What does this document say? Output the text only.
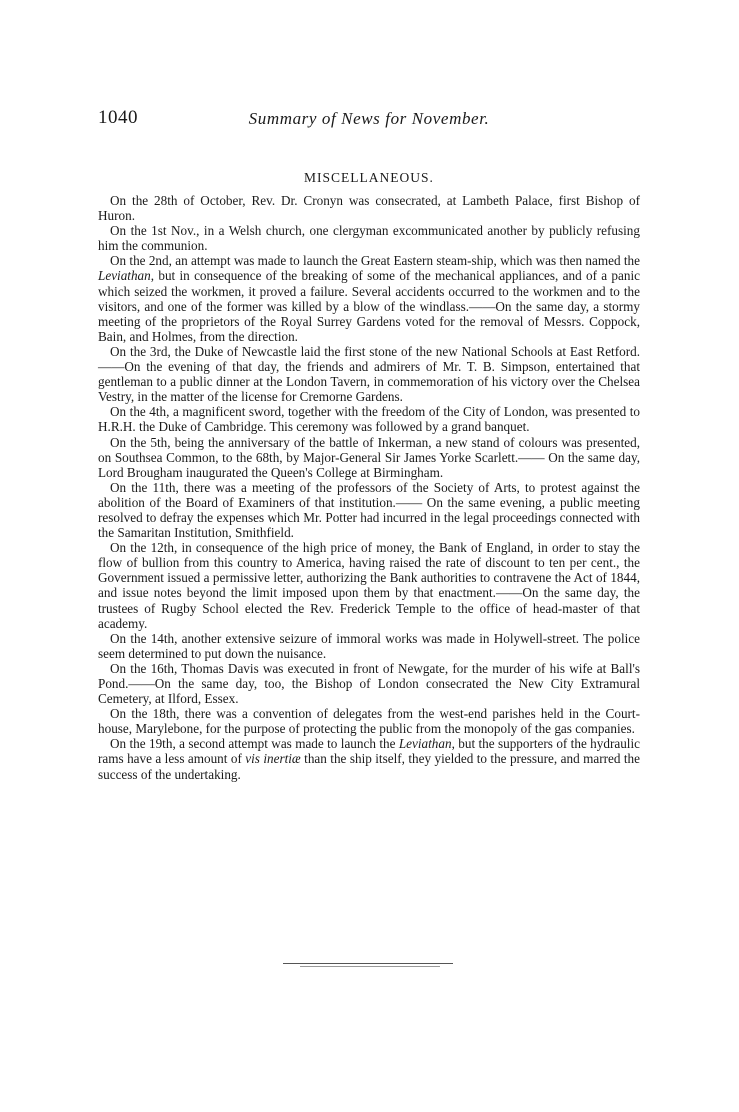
1040	Summary of News for November.
MISCELLANEOUS.

On the 28th of October, Rev. Dr. Cronyn was consecrated, at Lambeth Palace, first Bishop of Huron.

On the 1st Nov., in a Welsh church, one clergyman excommunicated another by publicly refusing him the communion.

On the 2nd, an attempt was made to launch the Great Eastern steam-ship, which was then named the Leviathan, but in consequence of the breaking of some of the mechanical appliances, and of a panic which seized the workmen, it proved a failure. Several accidents occurred to the workmen and to the visitors, and one of the former was killed by a blow of the windlass.——On the same day, a stormy meeting of the proprietors of the Royal Surrey Gardens voted for the removal of Messrs. Coppock, Bain, and Holmes, from the direction.

On the 3rd, the Duke of Newcastle laid the first stone of the new National Schools at East Retford.——On the evening of that day, the friends and admirers of Mr. T. B. Simpson, entertained that gentleman to a public dinner at the London Tavern, in commemoration of his victory over the Chelsea Vestry, in the matter of the license for Cremorne Gardens.

On the 4th, a magnificent sword, together with the freedom of the City of London, was presented to H.R.H. the Duke of Cambridge. This ceremony was followed by a grand banquet.

On the 5th, being the anniversary of the battle of Inkerman, a new stand of colours was presented, on Southsea Common, to the 68th, by Major-General Sir James Yorke Scarlett.—— On the same day, Lord Brougham inaugurated the Queen's College at Birmingham.

On the 11th, there was a meeting of the professors of the Society of Arts, to protest against the abolition of the Board of Examiners of that institution.—— On the same evening, a public meeting resolved to defray the expenses which Mr. Potter had incurred in the legal proceedings connected with the Samaritan Institution, Smithfield.

On the 12th, in consequence of the high price of money, the Bank of England, in order to stay the flow of bullion from this country to America, having raised the rate of discount to ten per cent., the Government issued a permissive letter, authorizing the Bank authorities to contravene the Act of 1844, and issue notes beyond the limit imposed upon them by that enactment.——On the same day, the trustees of Rugby School elected the Rev. Frederick Temple to the office of head-master of that academy.

On the 14th, another extensive seizure of immoral works was made in Holywell-street. The police seem determined to put down the nuisance.

On the 16th, Thomas Davis was executed in front of Newgate, for the murder of his wife at Ball's Pond.——On the same day, too, the Bishop of London consecrated the New City Extramural Cemetery, at Ilford, Essex.

On the 18th, there was a convention of delegates from the west-end parishes held in the Court-house, Marylebone, for the purpose of protecting the public from the monopoly of the gas companies.

On the 19th, a second attempt was made to launch the Leviathan, but the supporters of the hydraulic rams have a less amount of vis inertiæ than the ship itself, they yielded to the pressure, and marred the success of the undertaking.
